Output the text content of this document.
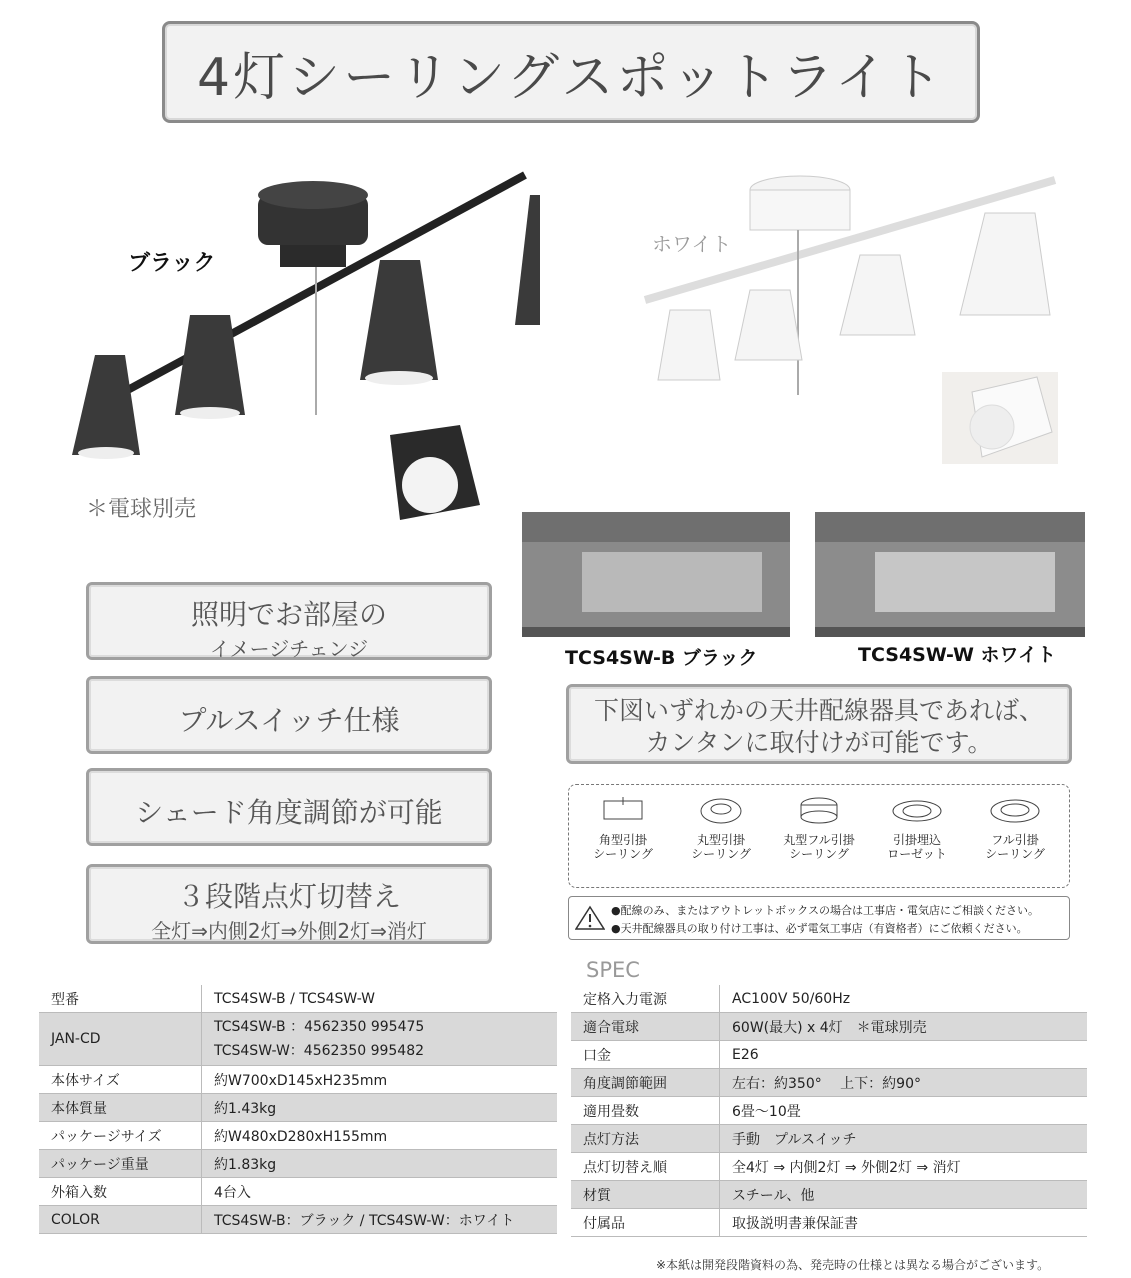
4灯シーリングスポットライト
ブラック
＊電球別売
ホワイト
TCS4SW-B ブラック	TCS4SW-W ホワイト
照明でお部屋の
イメージチェンジ
プルスイッチ仕様
シェード角度調節が可能
３段階点灯切替え
全灯⇒内側2灯⇒外側2灯⇒消灯
下図いずれかの天井配線器具であれば、
カンタンに取付けが可能です。
角型引掛
シーリング
丸型引掛
シーリング
丸型フル引掛
シーリング
引掛埋込
ローゼット
フル引掛
シーリング
●配線のみ、またはアウトレットボックスの場合は工事店・電気店にご相談ください。
●天井配線器具の取り付け工事は、必ず電気工事店（有資格者）にご依頼ください。
SPEC
型番	TCS4SW-B / TCS4SW-W
JAN-CD	TCS4SW-B ：4562350 995475
TCS4SW-W：4562350 995482

本体サイズ	約W700xD145xH235mm
本体質量	約1.43kg
パッケージサイズ	約W480xD280xH155mm
パッケージ重量	約1.83kg
外箱入数	4台入
COLOR	TCS4SW-B：ブラック / TCS4SW-W：ホワイト
定格入力電源	AC100V 50/60Hz
適合電球	60W(最大) x 4灯　＊電球別売
口金	E26
角度調節範囲	左右：約350°　 上下：約90°
適用畳数	6畳～10畳
点灯方法	手動　プルスイッチ
点灯切替え順	全4灯 ⇒ 内側2灯 ⇒ 外側2灯 ⇒ 消灯
材質	スチール、他
付属品	取扱説明書兼保証書
※本紙は開発段階資料の為、発売時の仕様とは異なる場合がございます。
